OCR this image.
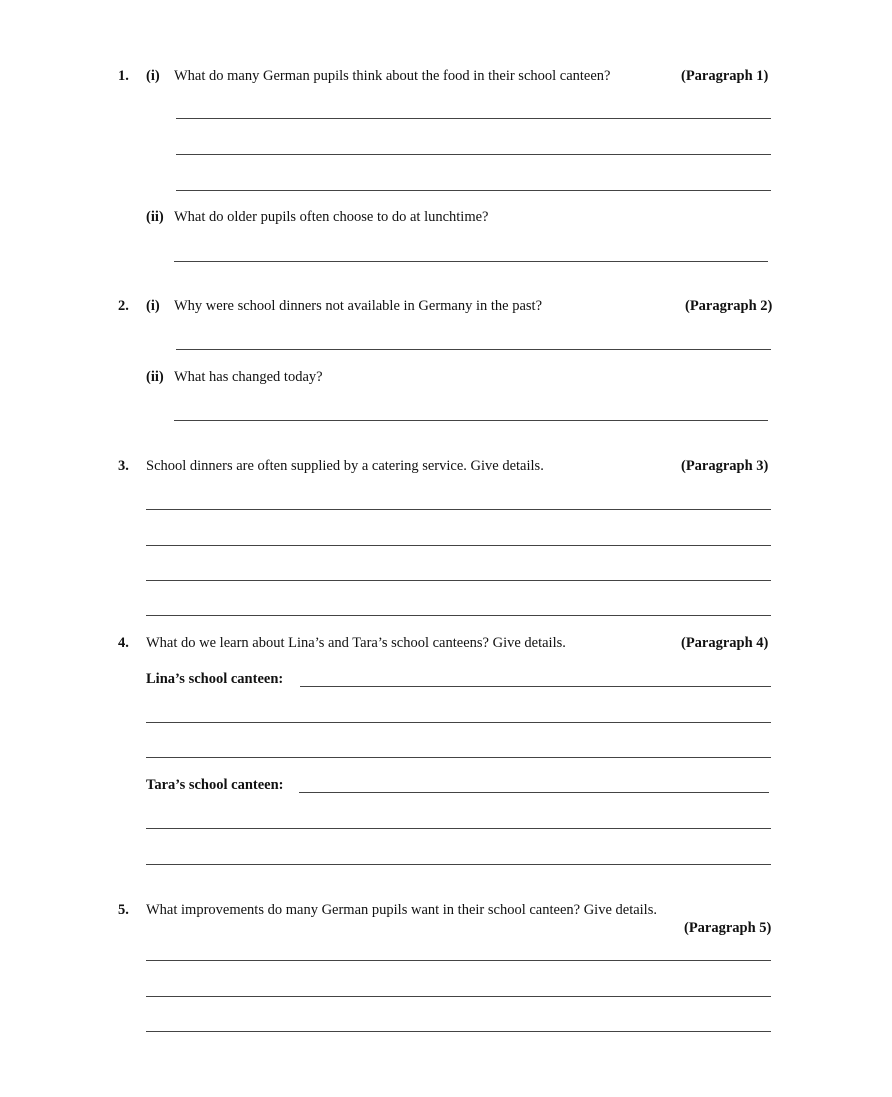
1. (i) What do many German pupils think about the food in their school canteen?	(Paragraph 1)
(ii) What do older pupils often choose to do at lunchtime?
2. (i) Why were school dinners not available in Germany in the past?	(Paragraph 2)
(ii) What has changed today?
3. School dinners are often supplied by a catering service. Give details.	(Paragraph 3)
4. What do we learn about Lina’s and Tara’s school canteens? Give details.	(Paragraph 4)
Lina’s school canteen:
Tara’s school canteen:
5. What improvements do many German pupils want in their school canteen? Give details.
(Paragraph 5)
